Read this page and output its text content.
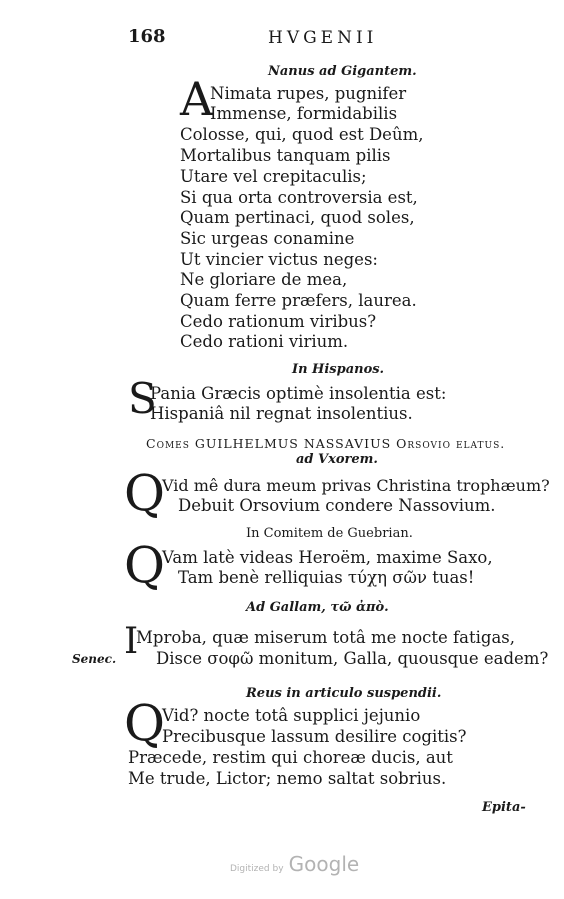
168	HVGENII
Nanus ad Gigantem.
A
Nimata rupes, pugnifer
Immense, formidabilis
Colosse, qui, quod est Deûm,
Mortalibus tanquam pilis
Utare vel crepitaculis;
Si qua orta controversia est,
Quam pertinaci, quod soles,
Sic urgeas conamine
Ut vincier victus neges:
Ne gloriare de mea,
Quam ferre præfers, laurea.
Cedo rationum viribus?
Cedo rationi virium.
In Hispanos.
S
Pania Græcis optimè insolentia est:
Hispaniâ nil regnat insolentius.
Comes GUILHELMUS NASSAVIUS Orsovio elatus.
ad Vxorem.
Q
Vid mê dura meum privas Christina trophæum?
Debuit Orsovium condere Nassovium.
In Comitem de Guebrian.
Q
Vam latè videas Heroëm, maxime Saxo,
Tam benè relliquias τύχη σῶν tuas!
Ad Gallam, τῶ ἀπὸ.
I
Mproba, quæ miserum totâ me nocte fatigas,
Disce σοφῶ monitum, Galla, quousque eadem?
Senec.
Reus in articulo suspendii.
Q
Vid? nocte totâ supplici jejunio
Precibusque lassum desilire cogitis?
Præcede, restim qui choreæ ducis, aut
Me trude, Lictor; nemo saltat sobrius.
Epita-
Digitized by Google
